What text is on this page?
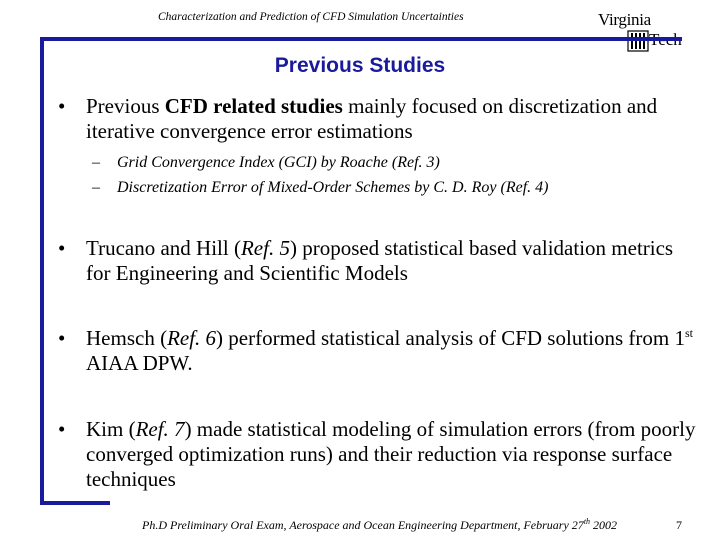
Characterization and Prediction of CFD Simulation Uncertainties	Virginia
Tech
Previous Studies
• Previous CFD related studies mainly focused on discretization and iterative convergence error estimations
– Grid Convergence Index (GCI) by Roache (Ref. 3)
– Discretization Error of Mixed-Order Schemes by C. D. Roy (Ref. 4)
• Trucano and Hill (Ref. 5) proposed statistical based validation metrics for Engineering and Scientific Models
• Hemsch (Ref. 6) performed statistical analysis of CFD solutions from 1st AIAA DPW.
• Kim (Ref. 7) made statistical modeling of simulation errors (from poorly converged optimization runs) and their reduction via response surface techniques
Ph.D Preliminary Oral Exam, Aerospace and Ocean Engineering Department, February 27th 2002	7
